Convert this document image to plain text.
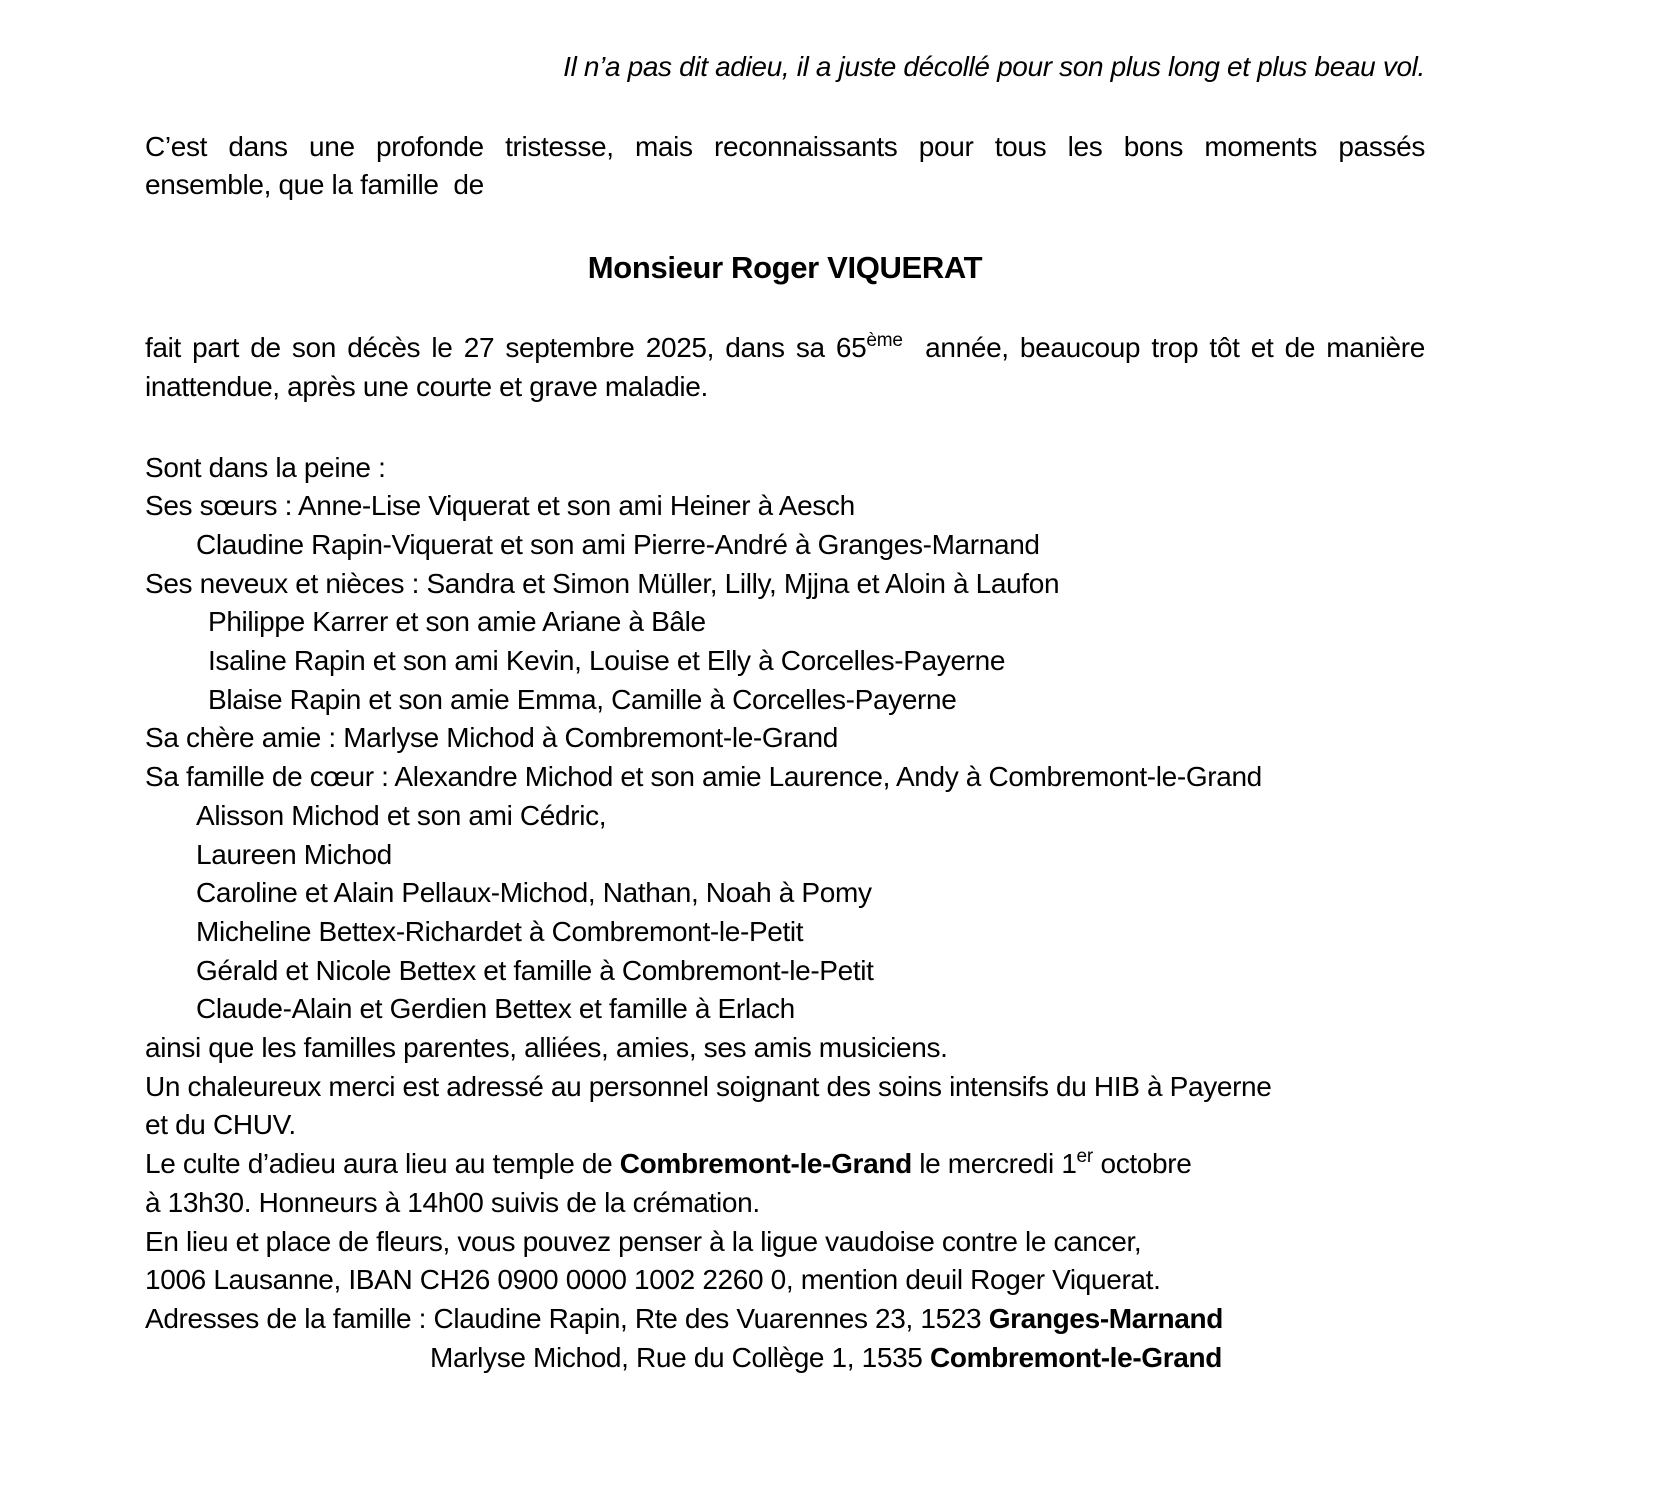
Il n’a pas dit adieu, il a juste décollé pour son plus long et plus beau vol.
C’est dans une profonde tristesse, mais reconnaissants pour tous les bons moments passés
ensemble, que la famille  de
Monsieur Roger VIQUERAT
fait part de son décès le 27 septembre 2025, dans sa 65ème  année, beaucoup trop tôt et de manière
inattendue, après une courte et grave maladie.
Sont dans la peine :
Ses sœurs : Anne-Lise Viquerat et son ami Heiner à Aesch
Claudine Rapin-Viquerat et son ami Pierre-André à Granges-Marnand
Ses neveux et nièces : Sandra et Simon Müller, Lilly, Mjjna et Aloin à Laufon
Philippe Karrer et son amie Ariane à Bâle
Isaline Rapin et son ami Kevin, Louise et Elly à Corcelles-Payerne
Blaise Rapin et son amie Emma, Camille à Corcelles-Payerne
Sa chère amie : Marlyse Michod à Combremont-le-Grand
Sa famille de cœur : Alexandre Michod et son amie Laurence, Andy à Combremont-le-Grand
Alisson Michod et son ami Cédric,
Laureen Michod
Caroline et Alain Pellaux-Michod, Nathan, Noah à Pomy
Micheline Bettex-Richardet à Combremont-le-Petit
Gérald et Nicole Bettex et famille à Combremont-le-Petit
Claude-Alain et Gerdien Bettex et famille à Erlach
ainsi que les familles parentes, alliées, amies, ses amis musiciens.
Un chaleureux merci est adressé au personnel soignant des soins intensifs du HIB à Payerne
et du CHUV.
Le culte d’adieu aura lieu au temple de Combremont-le-Grand le mercredi 1er octobre
à 13h30. Honneurs à 14h00 suivis de la crémation.
En lieu et place de fleurs, vous pouvez penser à la ligue vaudoise contre le cancer,
1006 Lausanne, IBAN CH26 0900 0000 1002 2260 0, mention deuil Roger Viquerat.
Adresses de la famille : Claudine Rapin, Rte des Vuarennes 23, 1523 Granges-Marnand
Marlyse Michod, Rue du Collège 1, 1535 Combremont-le-Grand
